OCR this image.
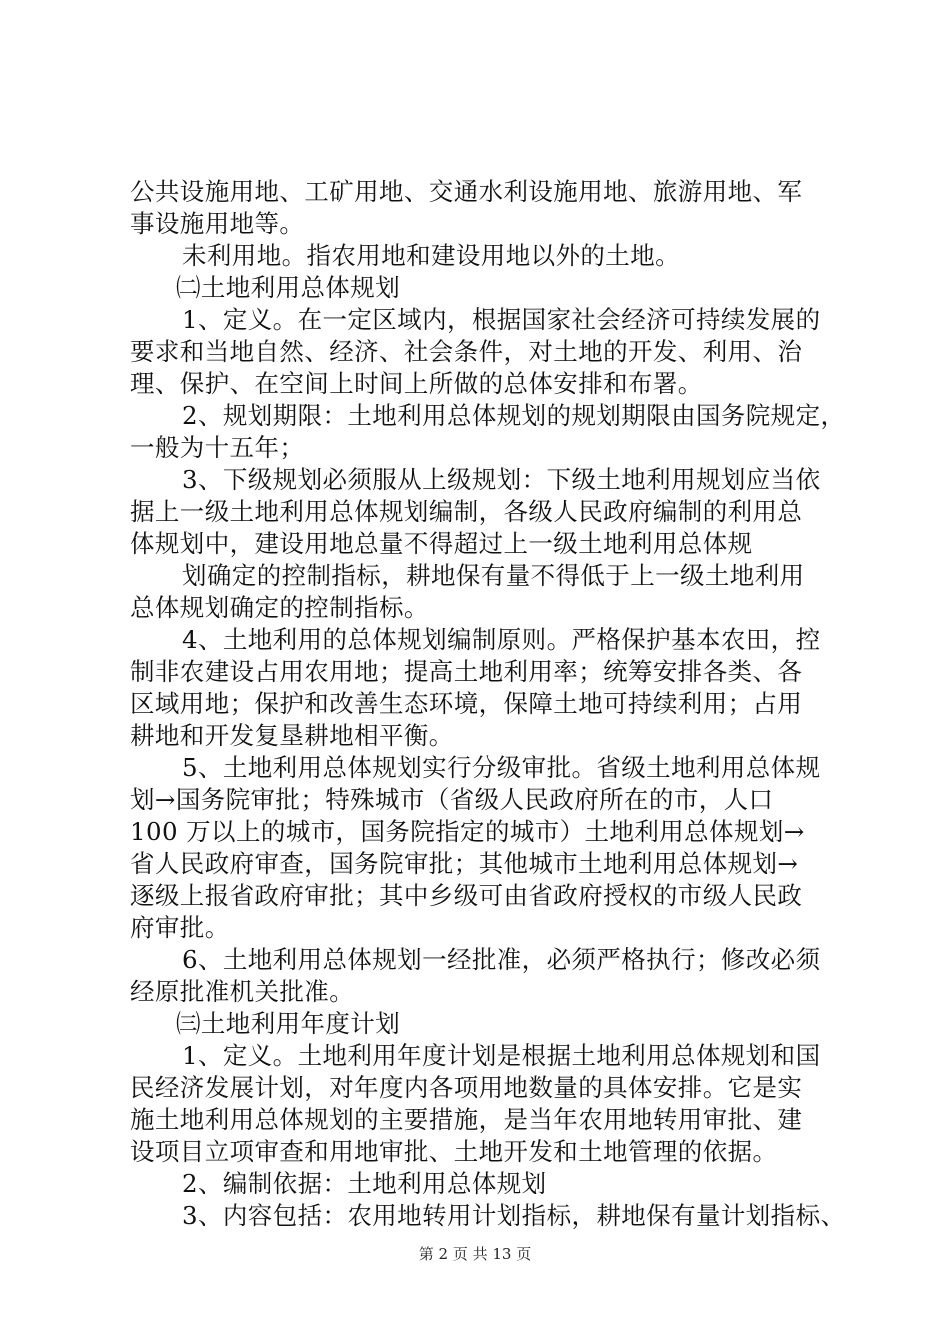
公共设施用地、工矿用地、交通水利设施用地、旅游用地、军
事设施用地等。
未利用地。指农用地和建设用地以外的土地。
㈡土地利用总体规划
1、定义。在一定区域内，根据国家社会经济可持续发展的
要求和当地自然、经济、社会条件，对土地的开发、利用、治
理、保护、在空间上时间上所做的总体安排和布署。
2、规划期限：土地利用总体规划的规划期限由国务院规定，
一般为十五年；
3、下级规划必须服从上级规划：下级土地利用规划应当依
据上一级土地利用总体规划编制，各级人民政府编制的利用总
体规划中，建设用地总量不得超过上一级土地利用总体规
划确定的控制指标，耕地保有量不得低于上一级土地利用
总体规划确定的控制指标。
4、土地利用的总体规划编制原则。严格保护基本农田，控
制非农建设占用农用地；提高土地利用率；统筹安排各类、各
区域用地；保护和改善生态环境，保障土地可持续利用；占用
耕地和开发复垦耕地相平衡。
5、土地利用总体规划实行分级审批。省级土地利用总体规
划→国务院审批；特殊城市（省级人民政府所在的市，人口
100 万以上的城市，国务院指定的城市）土地利用总体规划→
省人民政府审查，国务院审批；其他城市土地利用总体规划→
逐级上报省政府审批；其中乡级可由省政府授权的市级人民政
府审批。
6、土地利用总体规划一经批准，必须严格执行；修改必须
经原批准机关批准。
㈢土地利用年度计划
1、定义。土地利用年度计划是根据土地利用总体规划和国
民经济发展计划，对年度内各项用地数量的具体安排。它是实
施土地利用总体规划的主要措施，是当年农用地转用审批、建
设项目立项审查和用地审批、土地开发和土地管理的依据。
2、编制依据：土地利用总体规划
3、内容包括：农用地转用计划指标，耕地保有量计划指标、
第 2 页 共 13 页
